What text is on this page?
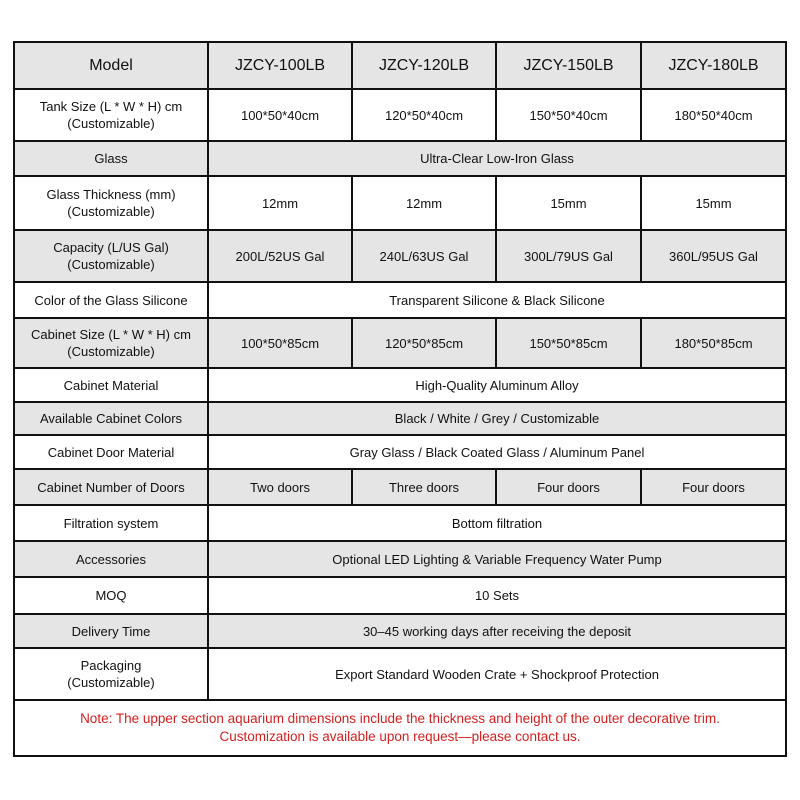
Model	JZCY-100LB	JZCY-120LB	JZCY-150LB	JZCY-180LB

Tank Size (L * W * H) cm
(Customizable)	100*50*40cm	120*50*40cm	150*50*40cm	180*50*40cm
Glass	Ultra-Clear Low-Iron Glass			

Glass Thickness (mm)
(Customizable)	12mm	12mm	15mm	15mm

Capacity (L/US Gal)
(Customizable)	200L/52US Gal	240L/63US Gal	300L/79US Gal	360L/95US Gal
Color of the Glass Silicone	Transparent Silicone & Black Silicone			

Cabinet Size (L * W * H) cm
(Customizable)	100*50*85cm	120*50*85cm	150*50*85cm	180*50*85cm
Cabinet Material	High-Quality Aluminum Alloy			
Available Cabinet Colors	Black / White / Grey / Customizable			
Cabinet Door Material	Gray Glass / Black Coated Glass / Aluminum Panel			
Cabinet Number of Doors	Two doors	Three doors	Four doors	Four doors
Filtration system	Bottom filtration			
Accessories	Optional LED Lighting & Variable Frequency Water Pump			
MOQ	10 Sets			
Delivery Time	30–45 working days after receiving the deposit			

Packaging
(Customizable)	Export Standard Wooden Crate + Shockproof Protection			

Note: The upper section aquarium dimensions include the thickness and height of the outer decorative trim.
Customization is available upon request—please contact us.				
